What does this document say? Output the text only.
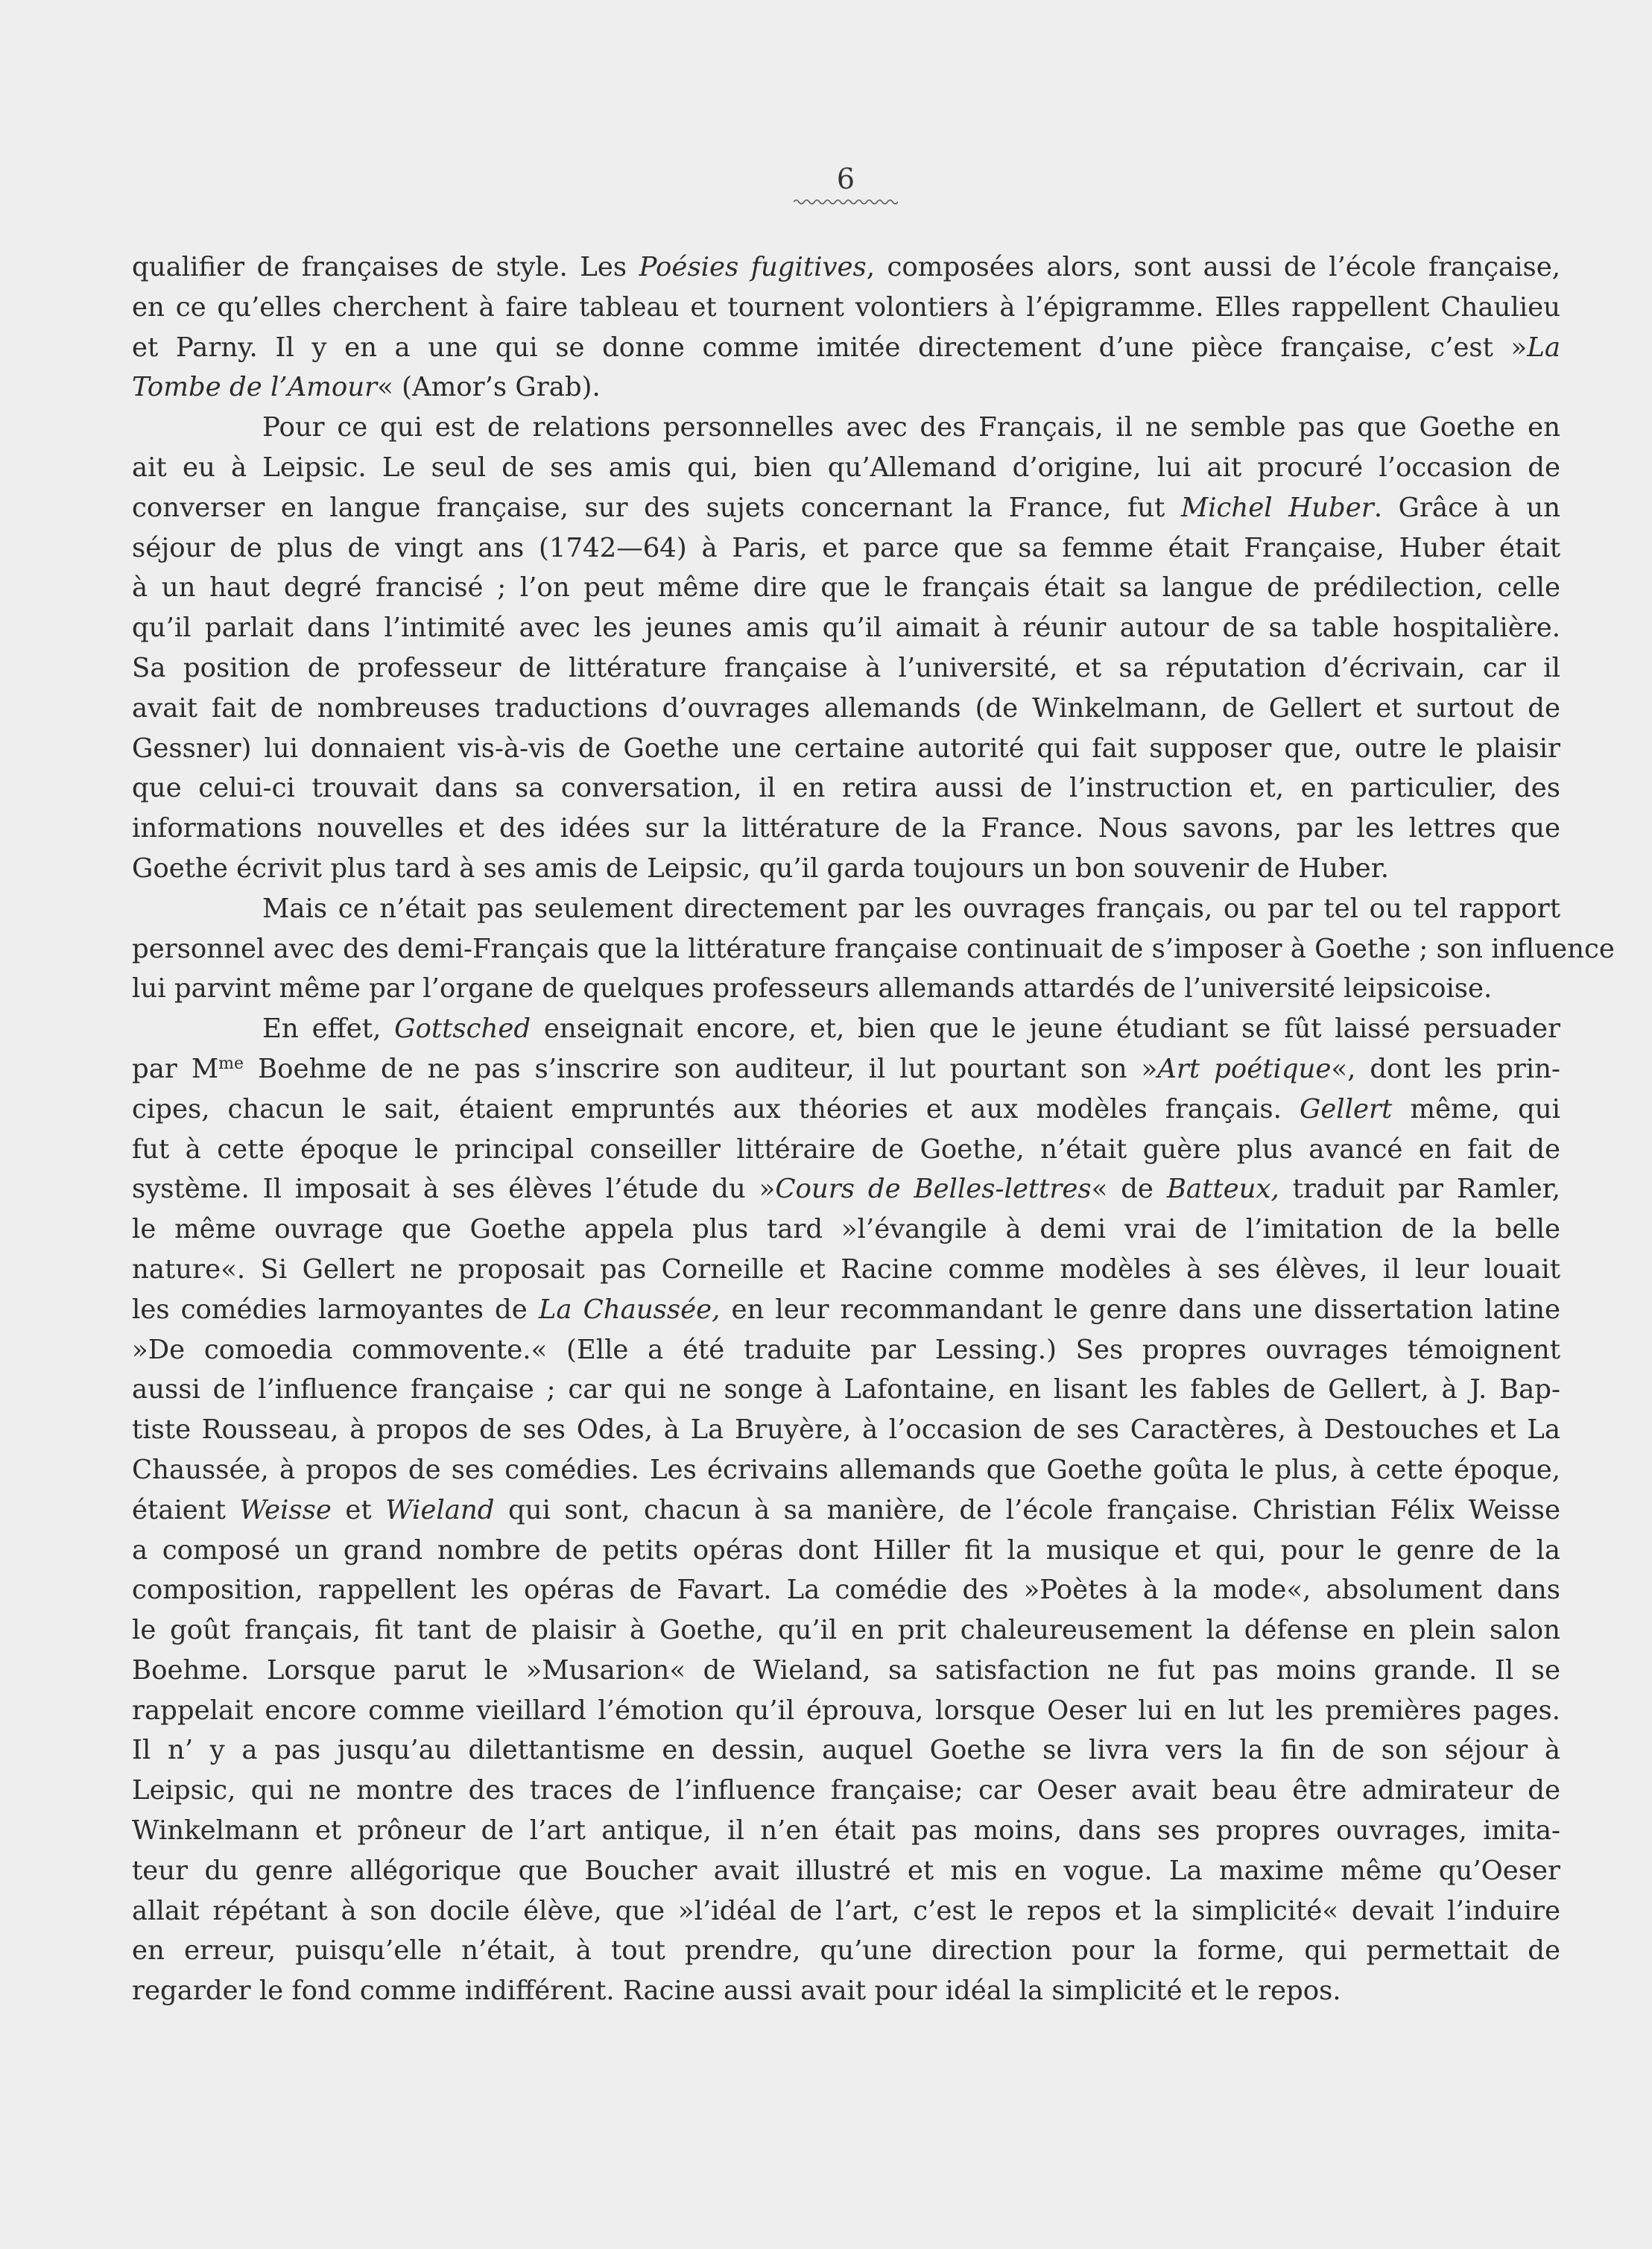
6
qualifier de françaises de style. Les Poésies fugitives, composées alors, sont aussi de l’école française,
en ce qu’elles cherchent à faire tableau et tournent volontiers à l’épigramme. Elles rappellent Chaulieu
et Parny. Il y en a une qui se donne comme imitée directement d’une pièce française, c’est »La
Tombe de l’Amour« (Amor’s Grab).
Pour ce qui est de relations personnelles avec des Français, il ne semble pas que Goethe en
ait eu à Leipsic. Le seul de ses amis qui, bien qu’Allemand d’origine, lui ait procuré l’occasion de
converser en langue française, sur des sujets concernant la France, fut Michel Huber. Grâce à un
séjour de plus de vingt ans (1742—64) à Paris, et parce que sa femme était Française, Huber était
à un haut degré francisé ; l’on peut même dire que le français était sa langue de prédilection, celle
qu’il parlait dans l’intimité avec les jeunes amis qu’il aimait à réunir autour de sa table hospitalière.
Sa position de professeur de littérature française à l’université, et sa réputation d’écrivain, car il
avait fait de nombreuses traductions d’ouvrages allemands (de Winkelmann, de Gellert et surtout de
Gessner) lui donnaient vis-à-vis de Goethe une certaine autorité qui fait supposer que, outre le plaisir
que celui-ci trouvait dans sa conversation, il en retira aussi de l’instruction et, en particulier, des
informations nouvelles et des idées sur la littérature de la France. Nous savons, par les lettres que
Goethe écrivit plus tard à ses amis de Leipsic, qu’il garda toujours un bon souvenir de Huber.
Mais ce n’était pas seulement directement par les ouvrages français, ou par tel ou tel rapport
personnel avec des demi-Français que la littérature française continuait de s’imposer à Goethe ; son influence
lui parvint même par l’organe de quelques professeurs allemands attardés de l’université leipsicoise.
En effet, Gottsched enseignait encore, et, bien que le jeune étudiant se fût laissé persuader
par $M^{me}$ Boehme de ne pas s’inscrire son auditeur, il lut pourtant son »Art poétique«, dont les prin-
cipes, chacun le sait, étaient empruntés aux théories et aux modèles français. Gellert même, qui
fut à cette époque le principal conseiller littéraire de Goethe, n’était guère plus avancé en fait de
système. Il imposait à ses élèves l’étude du »Cours de Belles-lettres« de Batteux, traduit par Ramler,
le même ouvrage que Goethe appela plus tard »l’évangile à demi vrai de l’imitation de la belle
nature«. Si Gellert ne proposait pas Corneille et Racine comme modèles à ses élèves, il leur louait
les comédies larmoyantes de La Chaussée, en leur recommandant le genre dans une dissertation latine
»De comoedia commovente.« (Elle a été traduite par Lessing.) Ses propres ouvrages témoignent
aussi de l’influence française ; car qui ne songe à Lafontaine, en lisant les fables de Gellert, à J. Bap-
tiste Rousseau, à propos de ses Odes, à La Bruyère, à l’occasion de ses Caractères, à Destouches et La
Chaussée, à propos de ses comédies. Les écrivains allemands que Goethe goûta le plus, à cette époque,
étaient Weisse et Wieland qui sont, chacun à sa manière, de l’école française. Christian Félix Weisse
a composé un grand nombre de petits opéras dont Hiller fit la musique et qui, pour le genre de la
composition, rappellent les opéras de Favart. La comédie des »Poètes à la mode«, absolument dans
le goût français, fit tant de plaisir à Goethe, qu’il en prit chaleureusement la défense en plein salon
Boehme. Lorsque parut le »Musarion« de Wieland, sa satisfaction ne fut pas moins grande. Il se
rappelait encore comme vieillard l’émotion qu’il éprouva, lorsque Oeser lui en lut les premières pages.
Il n’ y a pas jusqu’au dilettantisme en dessin, auquel Goethe se livra vers la fin de son séjour à
Leipsic, qui ne montre des traces de l’influence française; car Oeser avait beau être admirateur de
Winkelmann et prôneur de l’art antique, il n’en était pas moins, dans ses propres ouvrages, imita-
teur du genre allégorique que Boucher avait illustré et mis en vogue. La maxime même qu’Oeser
allait répétant à son docile élève, que »l’idéal de l’art, c’est le repos et la simplicité« devait l’induire
en erreur, puisqu’elle n’était, à tout prendre, qu’une direction pour la forme, qui permettait de
regarder le fond comme indifférent. Racine aussi avait pour idéal la simplicité et le repos.
